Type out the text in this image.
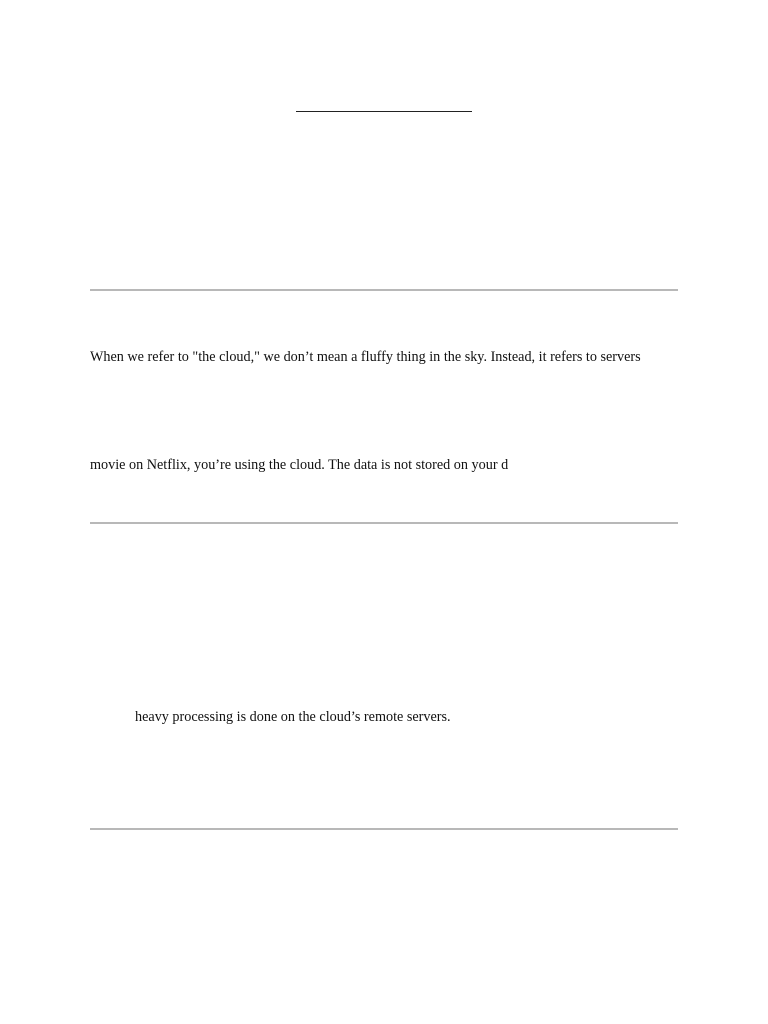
When we refer to "the cloud," we don’t mean a fluffy thing in the sky. Instead, it refers to servers

movie on Netflix, you’re using the cloud. The data is not stored on your d

heavy processing is done on the cloud’s remote servers.
